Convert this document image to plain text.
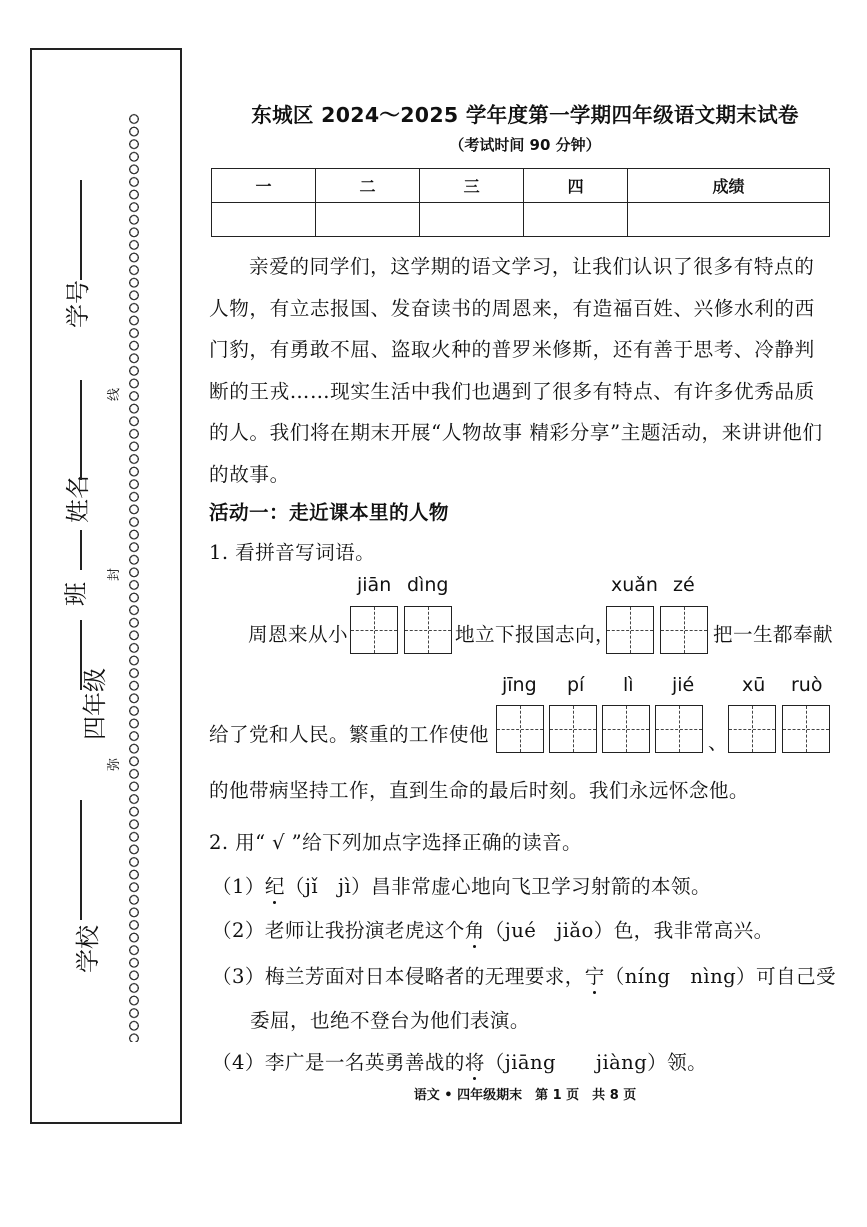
学校
四年级
班
姓名
学号
弥
封
线
东城区 2024～2025 学年度第一学期四年级语文期末试卷
（考试时间 90 分钟）
一	二	三	四	成绩

亲爱的同学们，这学期的语文学习，让我们认识了很多有特点的人物，有立志报国、发奋读书的周恩来，有造福百姓、兴修水利的西门豹，有勇敢不屈、盗取火种的普罗米修斯，还有善于思考、冷静判断的王戎……现实生活中我们也遇到了很多有特点、有许多优秀品质的人。我们将在期末开展“人物故事 精彩分享”主题活动，来讲讲他们的故事。
活动一：走近课本里的人物
1. 看拼音写词语。
jiān dìng	xuǎn zé
周恩来从小	地立下报国志向，	把一生都奉献
jīng pí lì jié	xū ruò
给了党和人民。繁重的工作使他	、
的他带病坚持工作，直到生命的最后时刻。我们永远怀念他。
2. 用“ √ ”给下列加点字选择正确的读音。
（1）纪（jǐ　jì）昌非常虚心地向飞卫学习射箭的本领。
（2）老师让我扮演老虎这个角（jué　jiǎo）色，我非常高兴。
（3）梅兰芳面对日本侵略者的无理要求，宁（níng　nìng）可自己受
委屈，也绝不登台为他们表演。
（4）李广是一名英勇善战的将（jiāng　　jiàng）领。
语文 • 四年级期末　第 1 页　共 8 页
